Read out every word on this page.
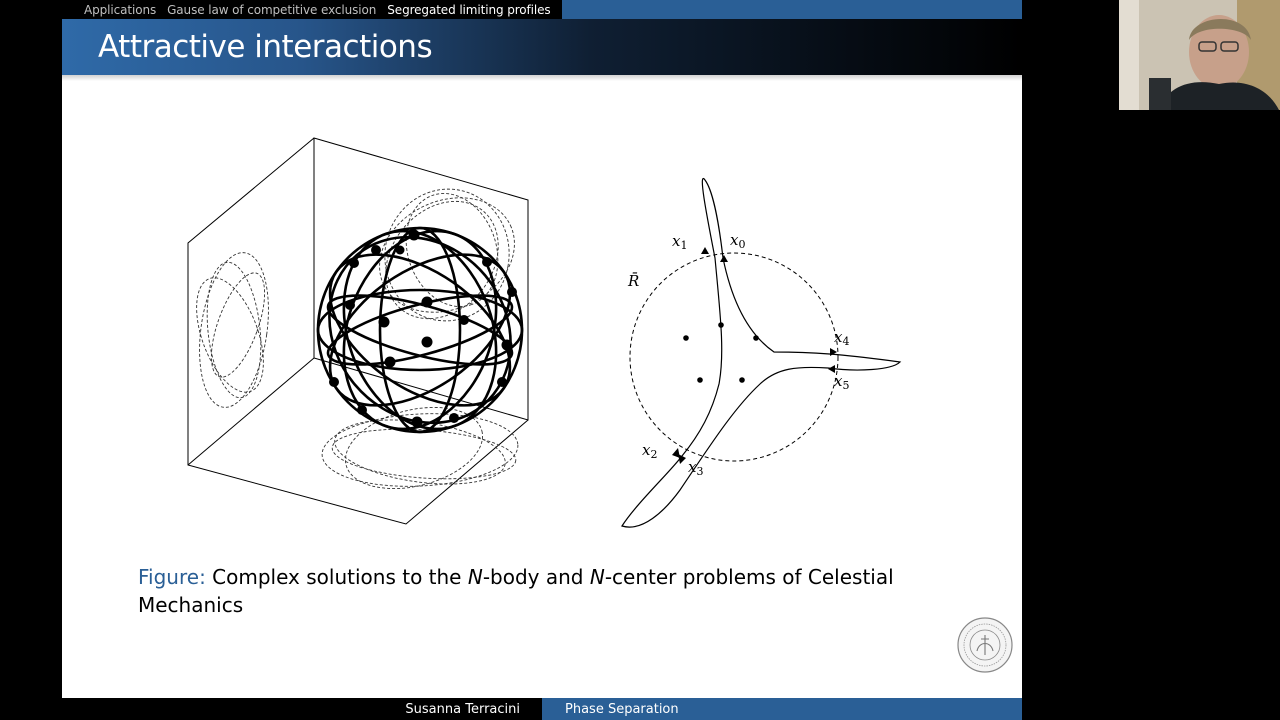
Applications Gause law of competitive exclusion Segregated limiting profiles
Attractive interactions
R̄
$x_1$	$x_0$
$x_4$
$x_5$
$x_2$
$x_3$
Figure: Complex solutions to the N-body and N-center problems of Celestial Mechanics
Susanna Terracini	Phase Separation
